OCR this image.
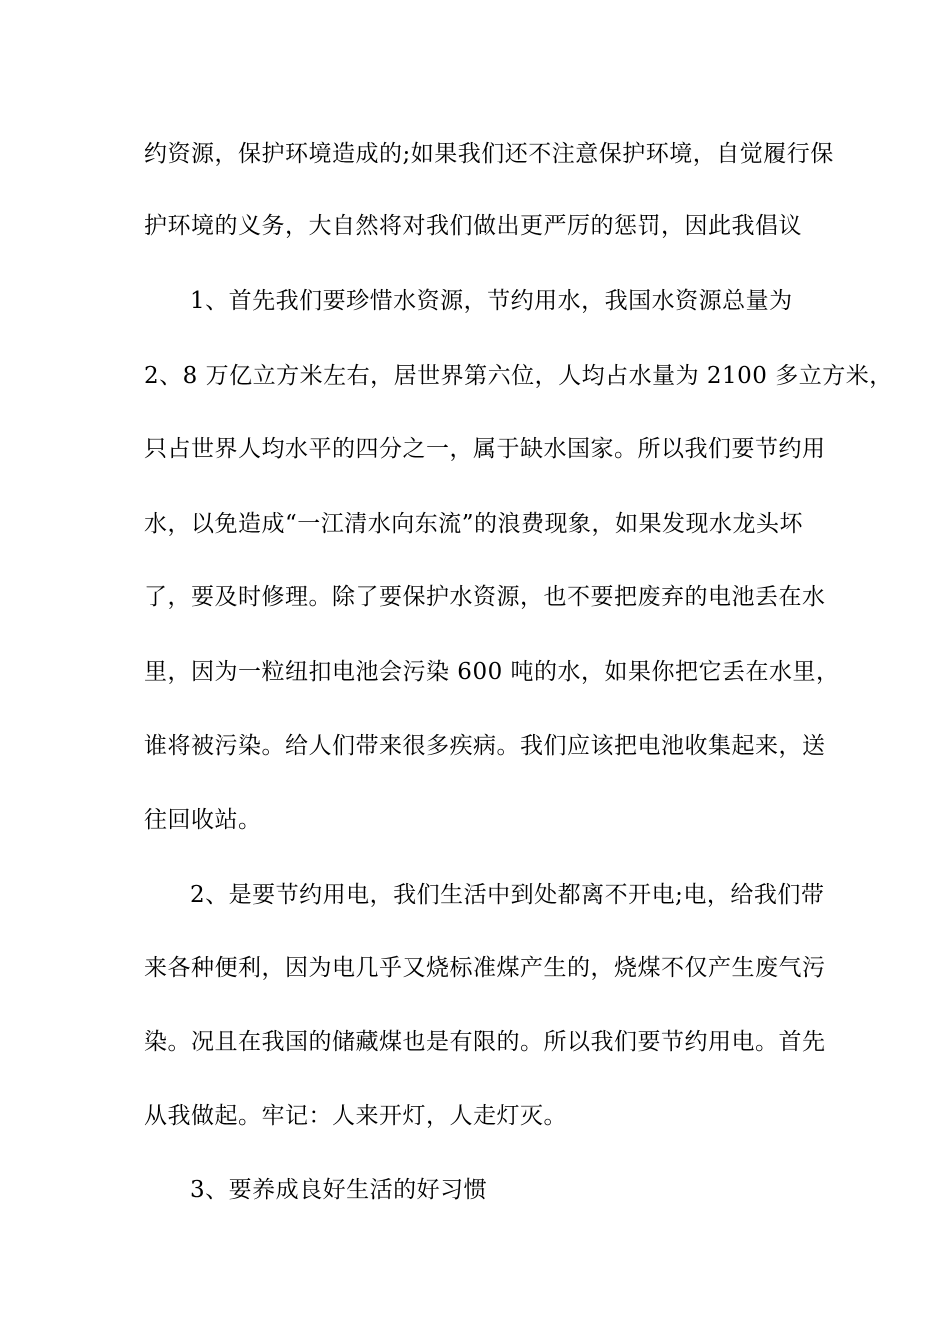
约资源，保护环境造成的;如果我们还不注意保护环境，自觉履行保
护环境的义务，大自然将对我们做出更严厉的惩罚，因此我倡议
1、首先我们要珍惜水资源，节约用水，我国水资源总量为
2、8 万亿立方米左右，居世界第六位，人均占水量为 2100 多立方米，
只占世界人均水平的四分之一，属于缺水国家。所以我们要节约用
水，以免造成“一江清水向东流”的浪费现象，如果发现水龙头坏
了，要及时修理。除了要保护水资源，也不要把废弃的电池丢在水
里，因为一粒纽扣电池会污染 600 吨的水，如果你把它丢在水里，
谁将被污染。给人们带来很多疾病。我们应该把电池收集起来，送
往回收站。
2、是要节约用电，我们生活中到处都离不开电;电，给我们带
来各种便利，因为电几乎又烧标准煤产生的，烧煤不仅产生废气污
染。况且在我国的储藏煤也是有限的。所以我们要节约用电。首先
从我做起。牢记：人来开灯，人走灯灭。
3、要养成良好生活的好习惯
